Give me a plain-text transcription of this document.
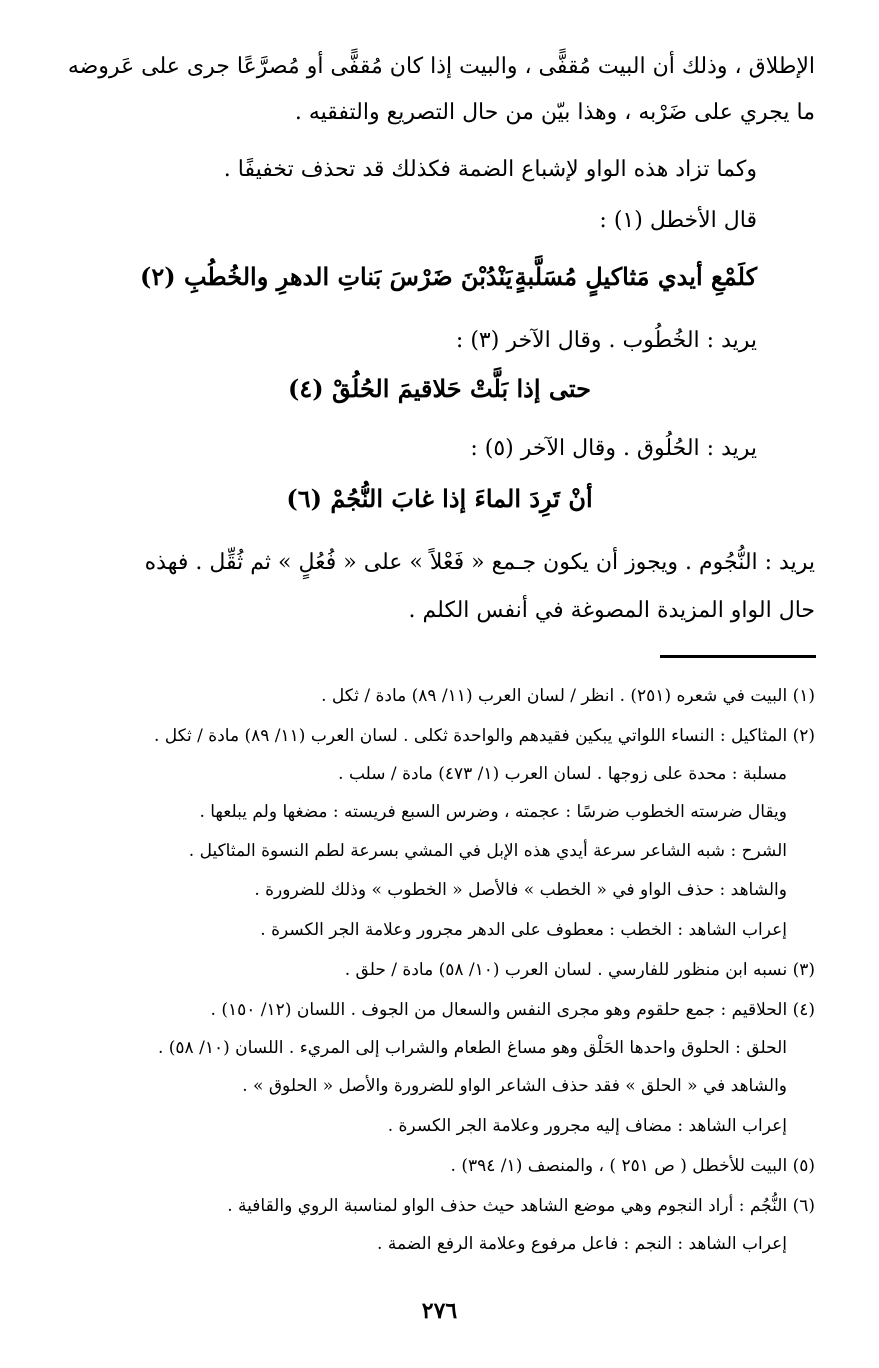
الإطلاق ، وذلك أن البيت مُقفًّى ، والبيت إذا كان مُقفًّى أو مُصرَّعًا جرى على عَروضه
ما يجري على ضَرْبه ، وهذا بيّن من حال التصريع والتفقيه .
وكما تزاد هذه الواو لإشباع الضمة فكذلك قد تحذف تخفيفًا .
قال الأخطل (١) :
كلَمْعِ أيدي مَثاكيلٍ مُسَلَّبةٍ
يَنْدُبْنَ ضَرْسَ بَناتِ الدهرِ والخُطُبِ (٢)
يريد : الخُطُوب . وقال الآخر (٣) :
حتى إذا بَلَّتْ حَلاقيمَ الحُلُقْ (٤)
يريد : الحُلُوق . وقال الآخر (٥) :
أنْ تَرِدَ الماءَ إذا غابَ النُّجُمْ (٦)
يريد : النُّجُوم . ويجوز أن يكون جـمع « فَعْلاً » على « فُعُلٍ » ثم ثُقِّل . فهذه
حال الواو المزيدة المصوغة في أنفس الكلم .
(١) البيت في شعره (٢٥١) . انظر / لسان العرب (١١/ ٨٩) مادة / ثكل .
(٢) المثاكيل : النساء اللواتي يبكين فقيدهم والواحدة ثكلى . لسان العرب (١١/ ٨٩) مادة / ثكل .
مسلبة : محدة على زوجها . لسان العرب (١/ ٤٧٣) مادة / سلب .
ويقال ضرسته الخطوب ضرسًا : عجمته ، وضرس السبع فريسته : مضغها ولم يبلعها .
الشرح : شبه الشاعر سرعة أيدي هذه الإبل في المشي بسرعة لطم النسوة المثاكيل .
والشاهد : حذف الواو في « الخطب » فالأصل « الخطوب » وذلك للضرورة .
إعراب الشاهد : الخطب : معطوف على الدهر مجرور وعلامة الجر الكسرة .
(٣) نسبه ابن منظور للفارسي . لسان العرب (١٠/ ٥٨) مادة / حلق .
(٤) الحلاقيم : جمع حلقوم وهو مجرى النفس والسعال من الجوف . اللسان (١٢/ ١٥٠) .
الحلق : الحلوق واحدها الحَلْق وهو مساغ الطعام والشراب إلى المريء . اللسان (١٠/ ٥٨) .
والشاهد في « الحلق » فقد حذف الشاعر الواو للضرورة والأصل « الحلوق » .
إعراب الشاهد : مضاف إليه مجرور وعلامة الجر الكسرة .
(٥) البيت للأخطل ( ص ٢٥١ ) ، والمنصف (١/ ٣٩٤) .
(٦) النُّجُم : أراد النجوم وهي موضع الشاهد حيث حذف الواو لمناسبة الروي والقافية .
إعراب الشاهد : النجم : فاعل مرفوع وعلامة الرفع الضمة .
٢٧٦
